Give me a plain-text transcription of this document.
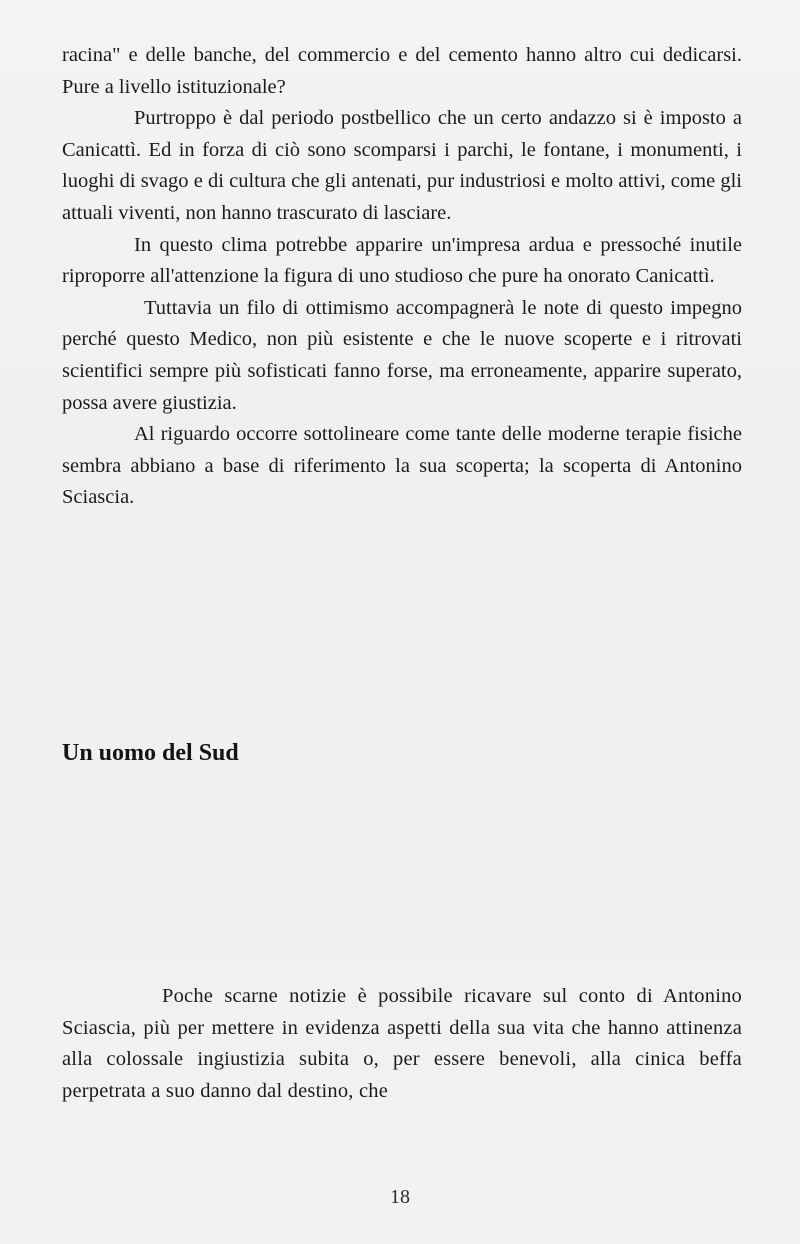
racina" e delle banche, del commercio e del cemento hanno altro cui dedicarsi. Pure a livello istituzionale?

Purtroppo è dal periodo postbellico che un certo andazzo si è imposto a Canicattì. Ed in forza di ciò sono scomparsi i parchi, le fontane, i monumenti, i luoghi di svago e di cultura che gli antenati, pur industriosi e molto attivi, come gli attuali viventi, non hanno trascurato di lasciare.

In questo clima potrebbe apparire un'impresa ardua e pressoché inutile riproporre all'attenzione la figura di uno studioso che pure ha onorato Canicattì.

Tuttavia un filo di ottimismo accompagnerà le note di questo impegno perché questo Medico, non più esistente e che le nuove scoperte e i ritrovati scientifici sempre più sofisticati fanno forse, ma erroneamente, apparire superato, possa avere giustizia.

Al riguardo occorre sottolineare come tante delle moderne terapie fisiche sembra abbiano a base di riferimento la sua scoperta; la scoperta di Antonino Sciascia.

Un uomo del Sud

Poche scarne notizie è possibile ricavare sul conto di Antonino Sciascia, più per mettere in evidenza aspetti della sua vita che hanno attinenza alla colossale ingiustizia subita o, per essere benevoli, alla cinica beffa perpetrata a suo danno dal destino, che

18
